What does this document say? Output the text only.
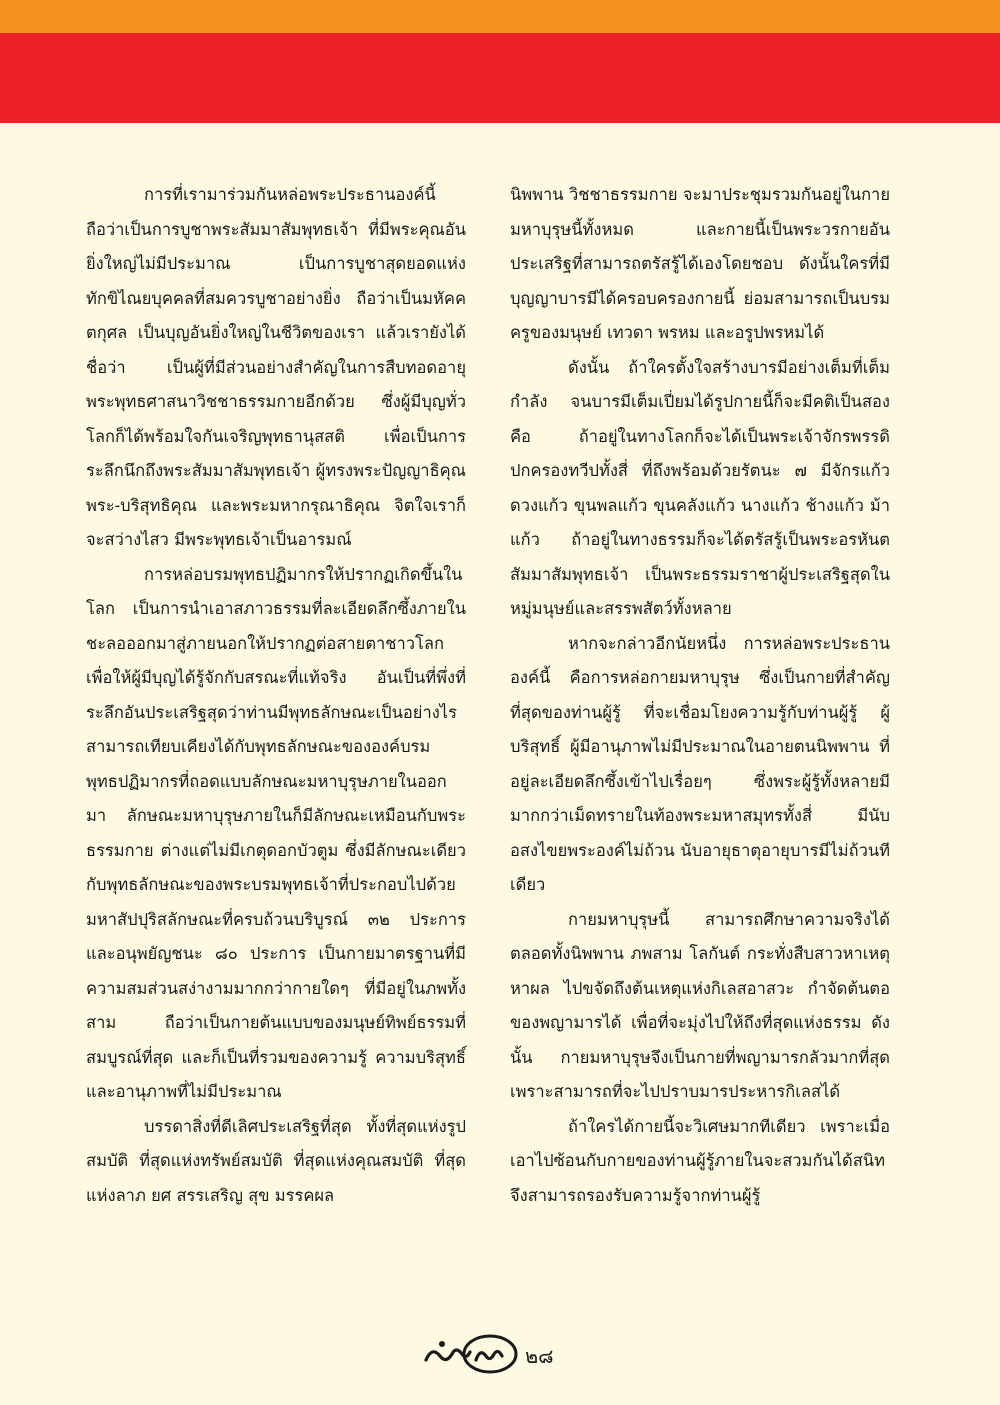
การที่เรามาร่วมกันหล่อพระประธานองค์นี้ ถือว่าเป็นการบูชาพระสัมมาสัมพุทธเจ้า ที่มีพระคุณอันยิ่งใหญ่ไม่มีประมาณ เป็นการบูชาสุดยอดแห่งทักขิไณยบุคคลที่สมควรบูชาอย่างยิ่ง ถือว่าเป็นมหัคคตกุศล เป็นบุญอันยิ่งใหญ่ในชีวิตของเรา แล้วเรายังได้ชื่อว่า เป็นผู้ที่มีส่วนอย่างสำคัญในการสืบทอดอายุพระพุทธศาสนาวิชชาธรรมกายอีกด้วย ซึ่งผู้มีบุญทั่วโลกก็ได้พร้อมใจกันเจริญพุทธานุสสติ เพื่อเป็นการระลึกนึกถึงพระสัมมาสัมพุทธเจ้า ผู้ทรงพระปัญญาธิคุณ พระ-บริสุทธิคุณ และพระมหากรุณาธิคุณ จิตใจเราก็จะสว่างไสว มีพระพุทธเจ้าเป็นอารมณ์

การหล่อบรมพุทธปฏิมากรให้ปรากฏเกิดขึ้นในโลก เป็นการนำเอาสภาวธรรมที่ละเอียดลึกซึ้งภายใน ชะลอออกมาสู่ภายนอกให้ปรากฏต่อสายตาชาวโลก เพื่อให้ผู้มีบุญได้รู้จักกับสรณะที่แท้จริง อันเป็นที่พึ่งที่ระลึกอันประเสริฐสุดว่าท่านมีพุทธลักษณะเป็นอย่างไร สามารถเทียบเคียงได้กับพุทธลักษณะขององค์บรมพุทธปฏิมากรที่ถอดแบบลักษณะมหาบุรุษภายในออกมา ลักษณะมหาบุรุษภายในก็มีลักษณะเหมือนกับพระธรรมกาย ต่างแต่ไม่มีเกตุดอกบัวตูม ซึ่งมีลักษณะเดียวกับพุทธลักษณะของพระบรมพุทธเจ้าที่ประกอบไปด้วยมหาสัปปุริสลักษณะที่ครบถ้วนบริบูรณ์ ๓๒ ประการ และอนุพยัญชนะ ๘๐ ประการ เป็นกายมาตรฐานที่มีความสมส่วนสง่างามมากกว่ากายใดๆ ที่มีอยู่ในภพทั้งสาม ถือว่าเป็นกายต้นแบบของมนุษย์ทิพย์ธรรมที่สมบูรณ์ที่สุด และก็เป็นที่รวมของความรู้ ความบริสุทธิ์ และอานุภาพที่ไม่มีประมาณ

บรรดาสิ่งที่ดีเลิศประเสริฐที่สุด ทั้งที่สุดแห่งรูปสมบัติ ที่สุดแห่งทรัพย์สมบัติ ที่สุดแห่งคุณสมบัติ ที่สุดแห่งลาภ ยศ สรรเสริญ สุข มรรคผล

นิพพาน วิชชาธรรมกาย จะมาประชุมรวมกันอยู่ในกายมหาบุรุษนี้ทั้งหมด และกายนี้เป็นพระวรกายอันประเสริฐที่สามารถตรัสรู้ได้เองโดยชอบ ดังนั้นใครที่มีบุญญาบารมีได้ครอบครองกายนี้ ย่อมสามารถเป็นบรมครูของมนุษย์ เทวดา พรหม และอรูปพรหมได้

ดังนั้น ถ้าใครตั้งใจสร้างบารมีอย่างเต็มที่เต็มกำลัง จนบารมีเต็มเปี่ยมได้รูปกายนี้ก็จะมีคติเป็นสอง คือ ถ้าอยู่ในทางโลกก็จะได้เป็นพระเจ้าจักรพรรดิ ปกครองทวีปทั้งสี่ ที่ถึงพร้อมด้วยรัตนะ ๗ มีจักรแก้ว ดวงแก้ว ขุนพลแก้ว ขุนคลังแก้ว นางแก้ว ช้างแก้ว ม้าแก้ว ถ้าอยู่ในทางธรรมก็จะได้ตรัสรู้เป็นพระอรหันตสัมมาสัมพุทธเจ้า เป็นพระธรรมราชาผู้ประเสริฐสุดในหมู่มนุษย์และสรรพสัตว์ทั้งหลาย

หากจะกล่าวอีกนัยหนึ่ง การหล่อพระประธานองค์นี้ คือการหล่อกายมหาบุรุษ ซึ่งเป็นกายที่สำคัญที่สุดของท่านผู้รู้ ที่จะเชื่อมโยงความรู้กับท่านผู้รู้ ผู้บริสุทธิ์ ผู้มีอานุภาพไม่มีประมาณในอายตนนิพพาน ที่อยู่ละเอียดลึกซึ้งเข้าไปเรื่อยๆ ซึ่งพระผู้รู้ทั้งหลายมีมากกว่าเม็ดทรายในท้องพระมหาสมุทรทั้งสี่ มีนับอสงไขยพระองค์ไม่ถ้วน นับอายุธาตุอายุบารมีไม่ถ้วนทีเดียว

กายมหาบุรุษนี้ สามารถศึกษาความจริงได้ตลอดทั้งนิพพาน ภพสาม โลกันต์ กระทั่งสืบสาวหาเหตุหาผล ไปขจัดถึงต้นเหตุแห่งกิเลสอาสวะ กำจัดต้นตอของพญามารได้ เพื่อที่จะมุ่งไปให้ถึงที่สุดแห่งธรรม ดังนั้น กายมหาบุรุษจึงเป็นกายที่พญามารกลัวมากที่สุด เพราะสามารถที่จะไปปราบมารประหารกิเลสได้

ถ้าใครได้กายนี้จะวิเศษมากทีเดียว เพราะเมื่อเอาไปซ้อนกับกายของท่านผู้รู้ภายในจะสวมกันได้สนิท จึงสามารถรองรับความรู้จากท่านผู้รู้

๒๘
